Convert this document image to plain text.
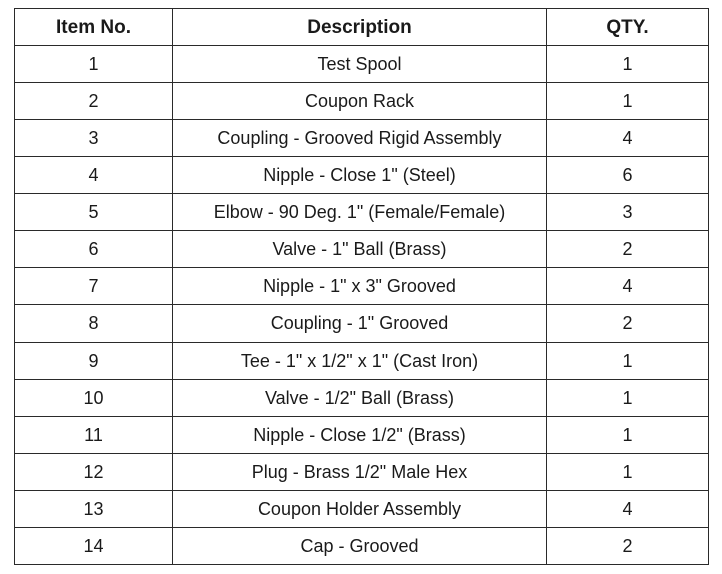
Item No.	Description	QTY.
1	Test Spool	1
2	Coupon Rack	1
3	Coupling - Grooved Rigid Assembly	4
4	Nipple - Close 1" (Steel)	6
5	Elbow - 90 Deg. 1" (Female/Female)	3
6	Valve - 1" Ball (Brass)	2
7	Nipple - 1" x 3" Grooved	4
8	Coupling - 1" Grooved	2
9	Tee - 1" x 1/2" x 1" (Cast Iron)	1
10	Valve - 1/2" Ball (Brass)	1
11	Nipple - Close 1/2" (Brass)	1
12	Plug - Brass 1/2" Male Hex	1
13	Coupon Holder Assembly	4
14	Cap - Grooved	2
